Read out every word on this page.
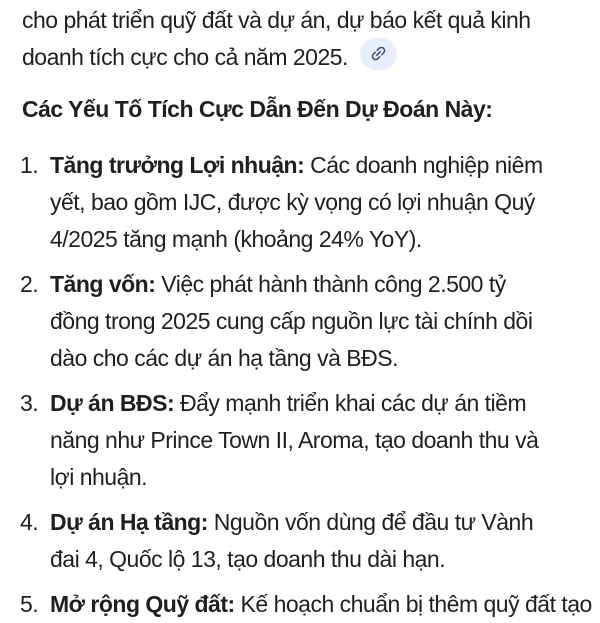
cho phát triển quỹ đất và dự án, dự báo kết quả kinh
doanh tích cực cho cả năm 2025.

Các Yếu Tố Tích Cực Dẫn Đến Dự Đoán Này:
1. Tăng trưởng Lợi nhuận: Các doanh nghiệp niêm
yết, bao gồm IJC, được kỳ vọng có lợi nhuận Quý
4/2025 tăng mạnh (khoảng 24% YoY).
2. Tăng vốn: Việc phát hành thành công 2.500 tỷ
đồng trong 2025 cung cấp nguồn lực tài chính dồi
dào cho các dự án hạ tầng và BĐS.
3. Dự án BĐS: Đẩy mạnh triển khai các dự án tiềm
năng như Prince Town II, Aroma, tạo doanh thu và
lợi nhuận.
4. Dự án Hạ tầng: Nguồn vốn dùng để đầu tư Vành
đai 4, Quốc lộ 13, tạo doanh thu dài hạn.
5. Mở rộng Quỹ đất: Kế hoạch chuẩn bị thêm quỹ đất tạo
